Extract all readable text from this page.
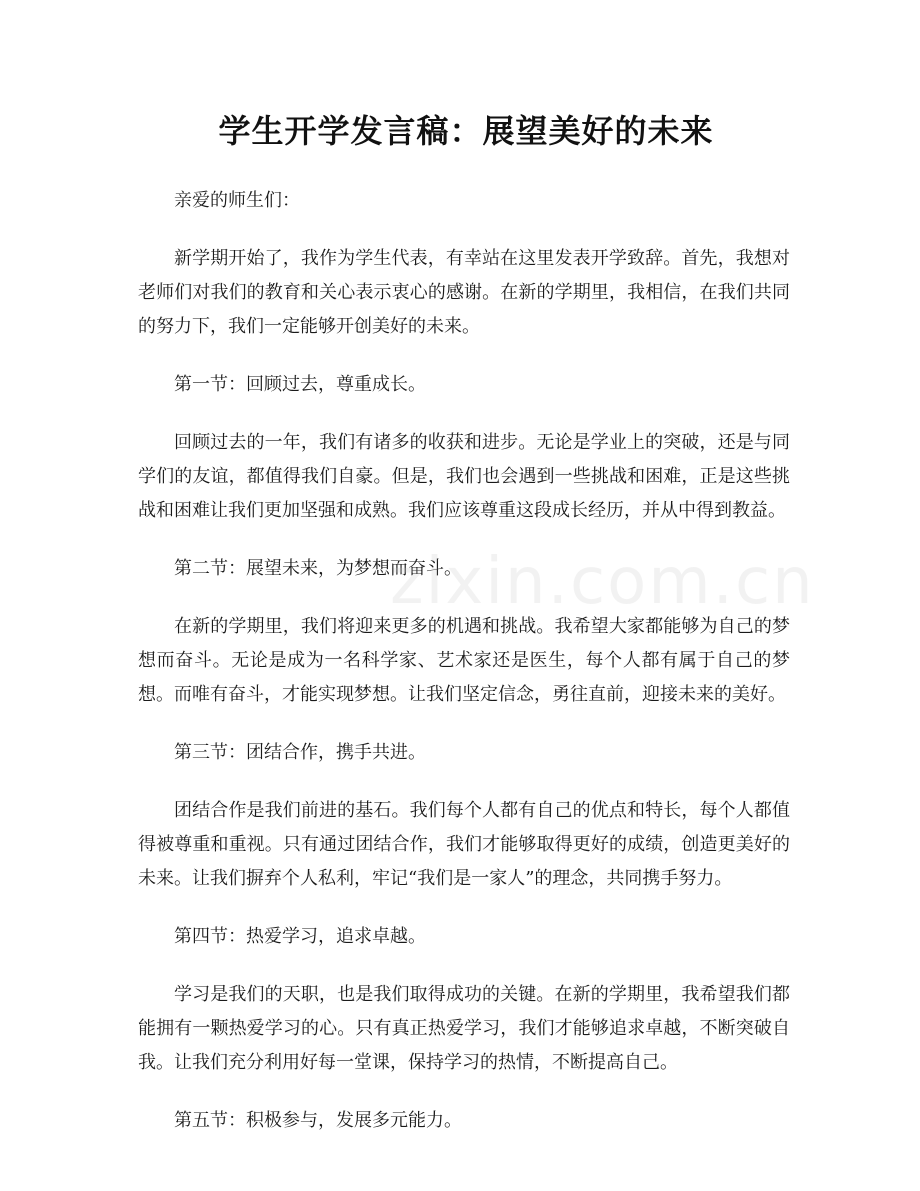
学生开学发言稿：展望美好的未来

亲爱的师生们：

新学期开始了，我作为学生代表，有幸站在这里发表开学致辞。首先，我想对老师们对我们的教育和关心表示衷心的感谢。在新的学期里，我相信，在我们共同的努力下，我们一定能够开创美好的未来。

第一节：回顾过去，尊重成长。

回顾过去的一年，我们有诸多的收获和进步。无论是学业上的突破，还是与同学们的友谊，都值得我们自豪。但是，我们也会遇到一些挑战和困难，正是这些挑战和困难让我们更加坚强和成熟。我们应该尊重这段成长经历，并从中得到教益。

第二节：展望未来，为梦想而奋斗。

在新的学期里，我们将迎来更多的机遇和挑战。我希望大家都能够为自己的梦想而奋斗。无论是成为一名科学家、艺术家还是医生，每个人都有属于自己的梦想。而唯有奋斗，才能实现梦想。让我们坚定信念，勇往直前，迎接未来的美好。

第三节：团结合作，携手共进。

团结合作是我们前进的基石。我们每个人都有自己的优点和特长，每个人都值得被尊重和重视。只有通过团结合作，我们才能够取得更好的成绩，创造更美好的未来。让我们摒弃个人私利，牢记“我们是一家人”的理念，共同携手努力。

第四节：热爱学习，追求卓越。

学习是我们的天职，也是我们取得成功的关键。在新的学期里，我希望我们都能拥有一颗热爱学习的心。只有真正热爱学习，我们才能够追求卓越，不断突破自我。让我们充分利用好每一堂课，保持学习的热情，不断提高自己。

第五节：积极参与，发展多元能力。

zixin.com.cn
